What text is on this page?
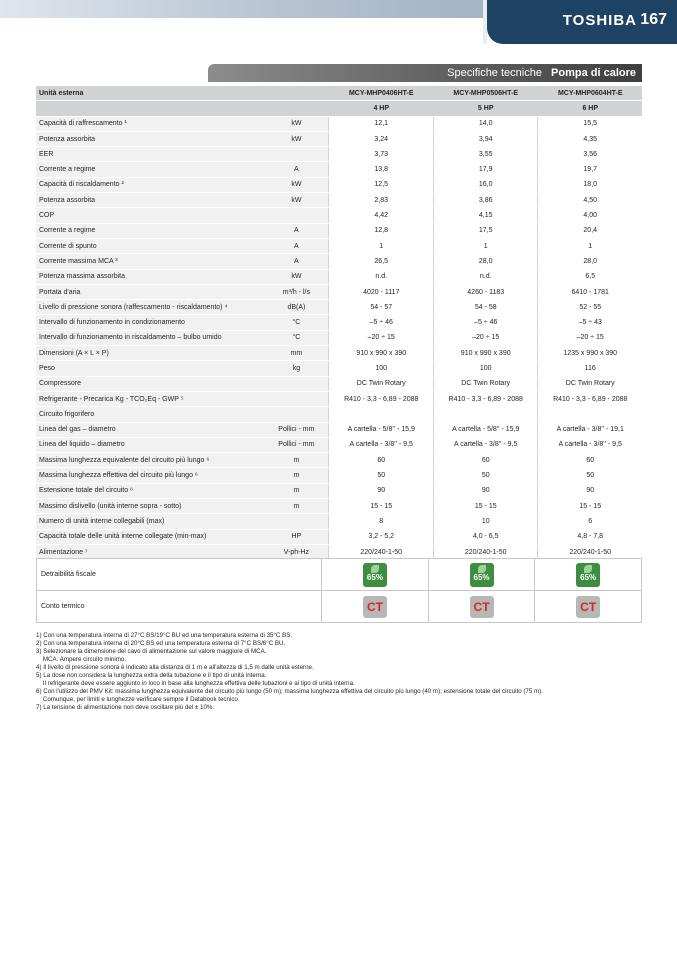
TOSHIBA 167
Specifiche tecniche Pompa di calore
Unità esterna		MCY-MHP0406HT-E	MCY-MHP0506HT-E	MCY-MHP0604HT-E
		4 HP	5 HP	6 HP
Capacità di raffrescamento ¹	kW	12,1	14,0	15,5
Potenza assorbita	kW	3,24	3,94	4,35
EER		3,73	3,55	3,56
Corrente a regime	A	13,8	17,9	19,7
Capacità di riscaldamento ²	kW	12,5	16,0	18,0
Potenza assorbita	kW	2,83	3,86	4,50
COP		4,42	4,15	4,00
Corrente a regime	A	12,8	17,5	20,4
Corrente di spunto	A	1	1	1
Corrente massima MCA ³	A	26,5	28,0	28,0
Potenza massima assorbita	kW	n.d.	n.d.	6,5
Portata d'aria	m³/h - l/s	4020 - 1117	4260 - 1183	6410 - 1781
Livello di pressione sonora (raffescamento - riscaldamento) ⁴	dB(A)	54 - 57	54 - 58	52 - 55
Intervallo di funzionamento in condizionamento	°C	–5 ÷ 46	–5 ÷ 46	–5 ÷ 43
Intervallo di funzionamento in riscaldamento – bulbo umido	°C	–20 ÷ 15	–20 ÷ 15	–20 ÷ 15
Dimensioni (A × L × P)	mm	910 x 990 x 390	910 x 990 x 390	1235 x 990 x 390
Peso	kg	100	100	116
Compressore		DC Twin Rotary	DC Twin Rotary	DC Twin Rotary
Refrigerante - Precarica Kg - TCO₂Eq - GWP ⁵		R410 - 3,3 - 6,89 - 2088	R410 - 3,3 - 6,89 - 2088	R410 - 3,3 - 6,89 - 2088
Circuito frigorifero				
Linea del gas – diametro	Pollici - mm	A cartella - 5/8'' - 15,9	A cartella - 5/8'' - 15,9	A cartella - 3/8'' - 19,1
Linea del liquido – diametro	Pollici - mm	A cartella - 3/8'' - 9,5	A cartella - 3/8'' - 9,5	A cartella - 3/8'' - 9,5
Massima lunghezza equivalente del circuito più lungo ⁶	m	60	60	60
Massima lunghezza effettiva del circuito più lungo ⁶	m	50	50	50
Estensione totale del circuito ⁶	m	90	90	90
Massimo dislivello (unità interne sopra - sotto)	m	15 - 15	15 - 15	15 - 15
Numero di unità interne collegabili (max)		8	10	6
Capacità totale delle unità interne collegate (min-max)	HP	3,2 - 5,2	4,0 - 6,5	4,8 - 7,8
Alimentazione ⁷	V-ph-Hz	220/240-1-50	220/240-1-50	220/240-1-50
Detraibilità fiscale	65%	65%	65%
Conto termico	CT	CT	CT
1) Con una temperatura interna di 27°C BS/19°C BU ed una temperatura esterna di 35°C BS.
2) Con una temperatura interna di 20°C BS ed una temperatura esterna di 7°C BS/6°C BU.
3) Selezionare la dimensione del cavo di alimentazione sul valore maggiore di MCA.
MCA: Ampere circuito minimo.
4) Il livello di pressione sonora è indicato alla distanza di 1 m e all'altezza di 1,5 m dalle unità esterne.
5) La dose non considera la lunghezza extra della tubazione e il tipo di unità interna.
Il refrigerante deve essere aggiunto in loco in base alla lunghezza effettiva delle tubazioni e al tipo di unità interna.
6) Con l'utilizzo del PMV Kit: massima lunghezza equivalente del circuito più lungo (50 m); massima lunghezza effettiva del circuito più lungo (40 m); estensione totale del circuito (75 m).
Comunque, per limiti e lunghezze verificare sempre il Databook tecnico.
7) La tensione di alimentazione non deve oscillare più del ± 10%.
